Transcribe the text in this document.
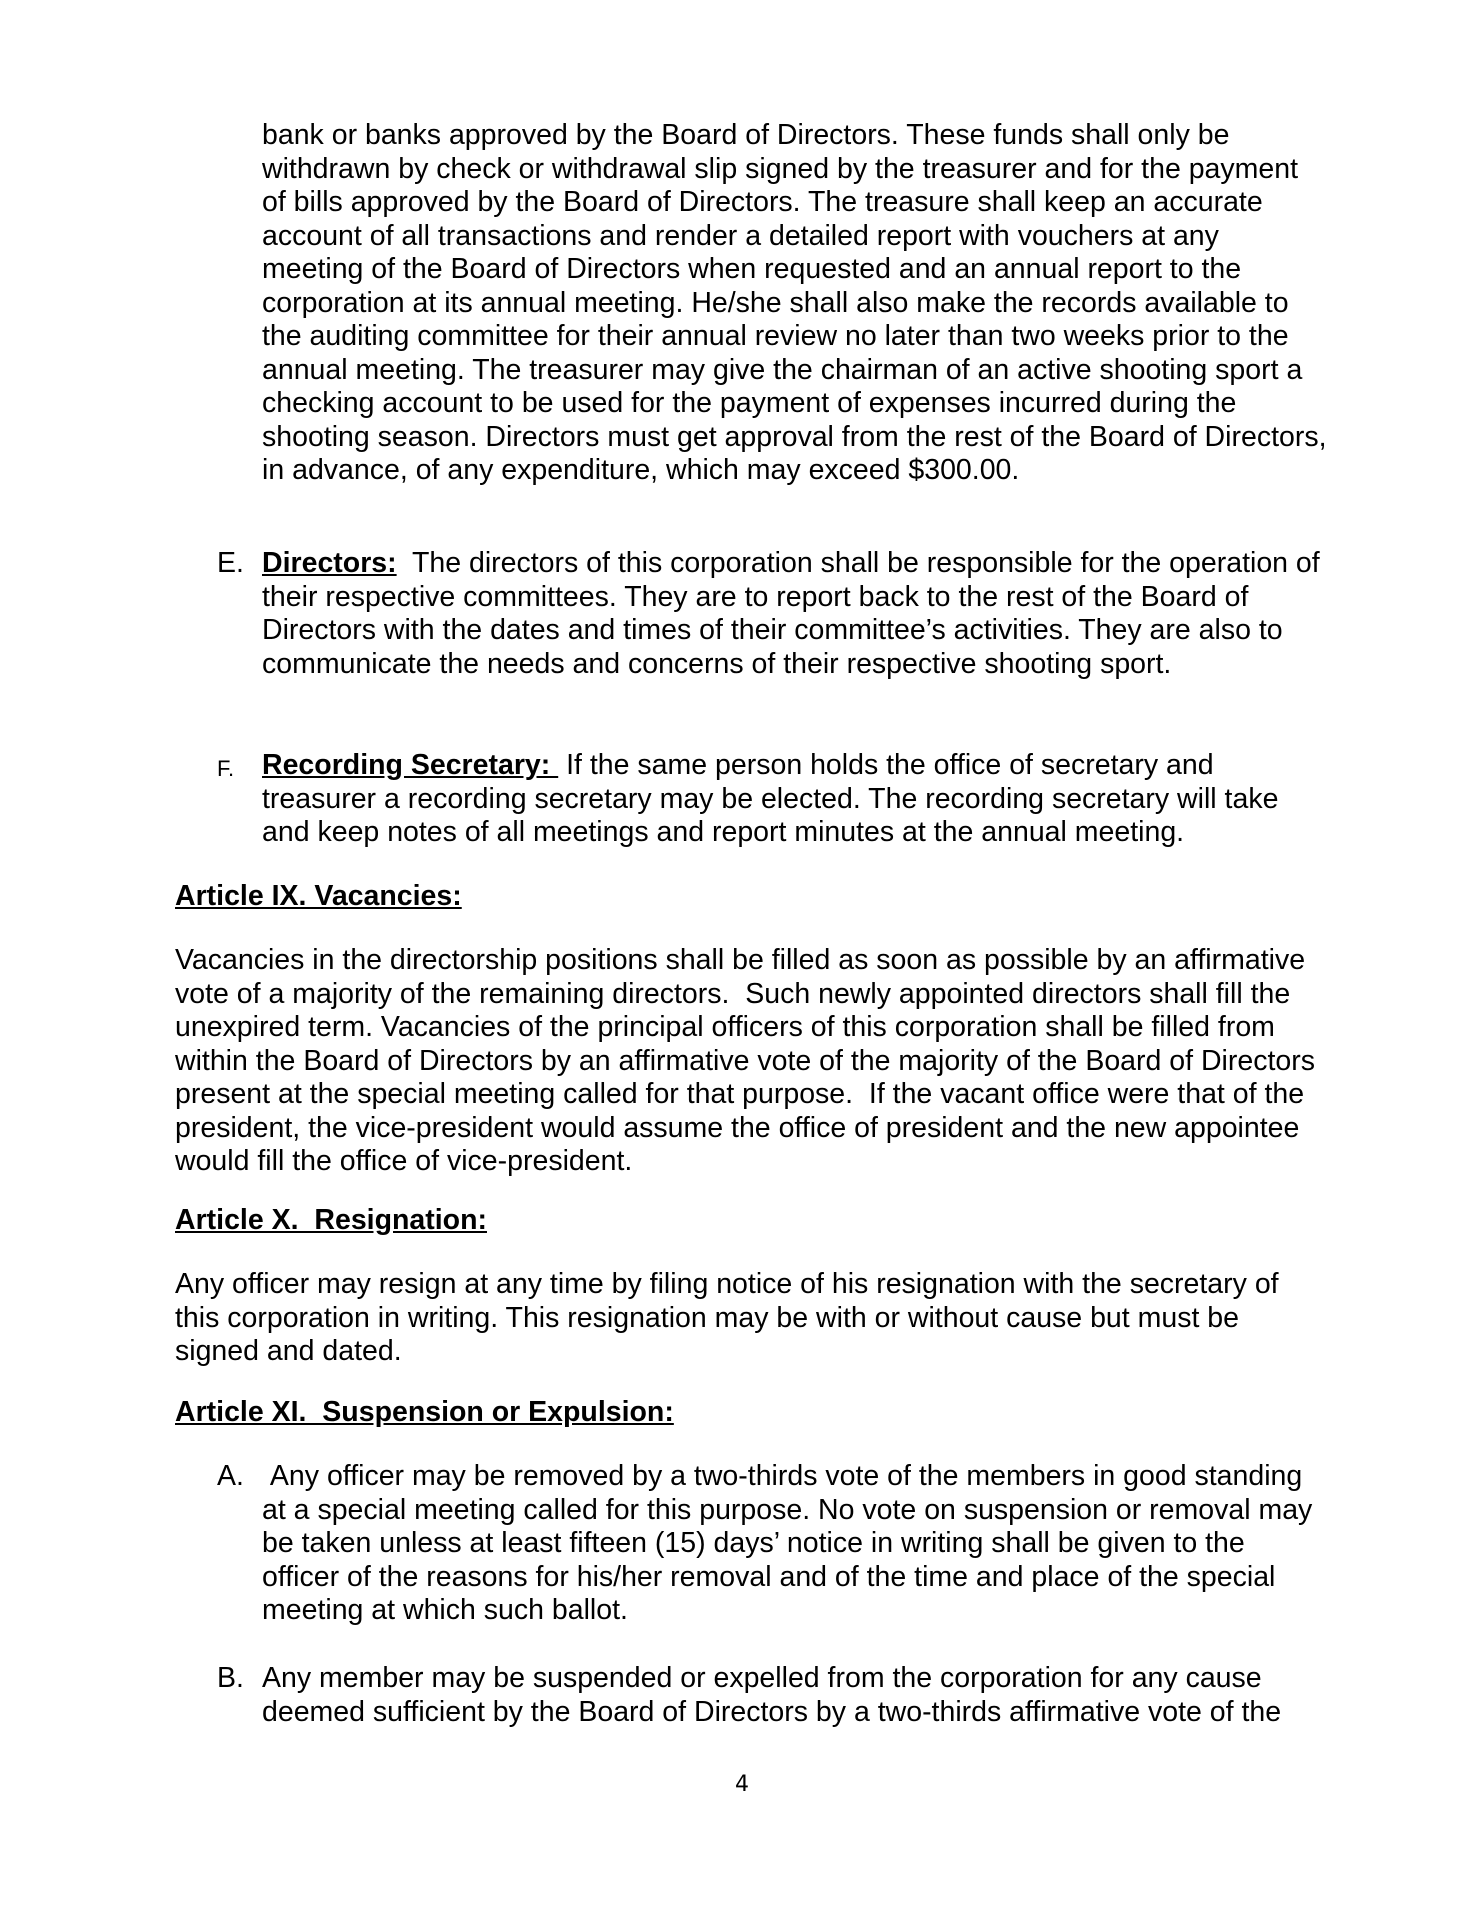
bank or banks approved by the Board of Directors. These funds shall only be withdrawn by check or withdrawal slip signed by the treasurer and for the payment of bills approved by the Board of Directors. The treasure shall keep an accurate account of all transactions and render a detailed report with vouchers at any meeting of the Board of Directors when requested and an annual report to the corporation at its annual meeting. He/she shall also make the records available to the auditing committee for their annual review no later than two weeks prior to the annual meeting. The treasurer may give the chairman of an active shooting sport a checking account to be used for the payment of expenses incurred during the shooting season. Directors must get approval from the rest of the Board of Directors, in advance, of any expenditure, which may exceed $300.00.

E. Directors:  The directors of this corporation shall be responsible for the operation of their respective committees. They are to report back to the rest of the Board of Directors with the dates and times of their committee’s activities. They are also to communicate the needs and concerns of their respective shooting sport.
F. Recording Secretary:  If the same person holds the office of secretary and treasurer a recording secretary may be elected. The recording secretary will take and keep notes of all meetings and report minutes at the annual meeting.
Article IX. Vacancies:

Vacancies in the directorship positions shall be filled as soon as possible by an affirmative vote of a majority of the remaining directors.  Such newly appointed directors shall fill the unexpired term. Vacancies of the principal officers of this corporation shall be filled from within the Board of Directors by an affirmative vote of the majority of the Board of Directors present at the special meeting called for that purpose.  If the vacant office were that of the president, the vice-president would assume the office of president and the new appointee would fill the office of vice-president.

Article X.  Resignation:

Any officer may resign at any time by filing notice of his resignation with the secretary of this corporation in writing. This resignation may be with or without cause but must be signed and dated.

Article XI.  Suspension or Expulsion:
A. Any officer may be removed by a two-thirds vote of the members in good standing at a special meeting called for this purpose. No vote on suspension or removal may be taken unless at least fifteen (15) days’ notice in writing shall be given to the officer of the reasons for his/her removal and of the time and place of the special meeting at which such ballot.
B. Any member may be suspended or expelled from the corporation for any cause deemed sufficient by the Board of Directors by a two-thirds affirmative vote of the
4
